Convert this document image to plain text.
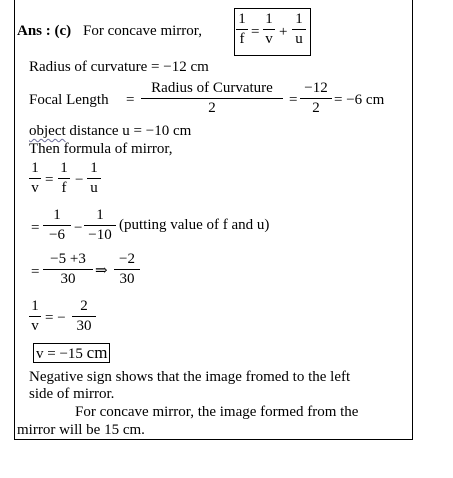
Ans : (c) For concave mirror,
1
f =
1
v +
1
u
Radius of curvature = −12 cm
Focal Length =
Radius of Curvature
2	=
−12
2 = −6 cm
object distance u = −10 cm
Then formula of mirror,
1
v =
1
f −
1
u
=
1
−6 −
1
−10
(putting value of f and u)
=
−5 +3
30	⇒
−2
30
1
v = −
2
30
v = −15 cm
Negative sign shows that the image fromed to the left
side of mirror.
For concave mirror, the image formed from the
mirror will be 15 cm.
